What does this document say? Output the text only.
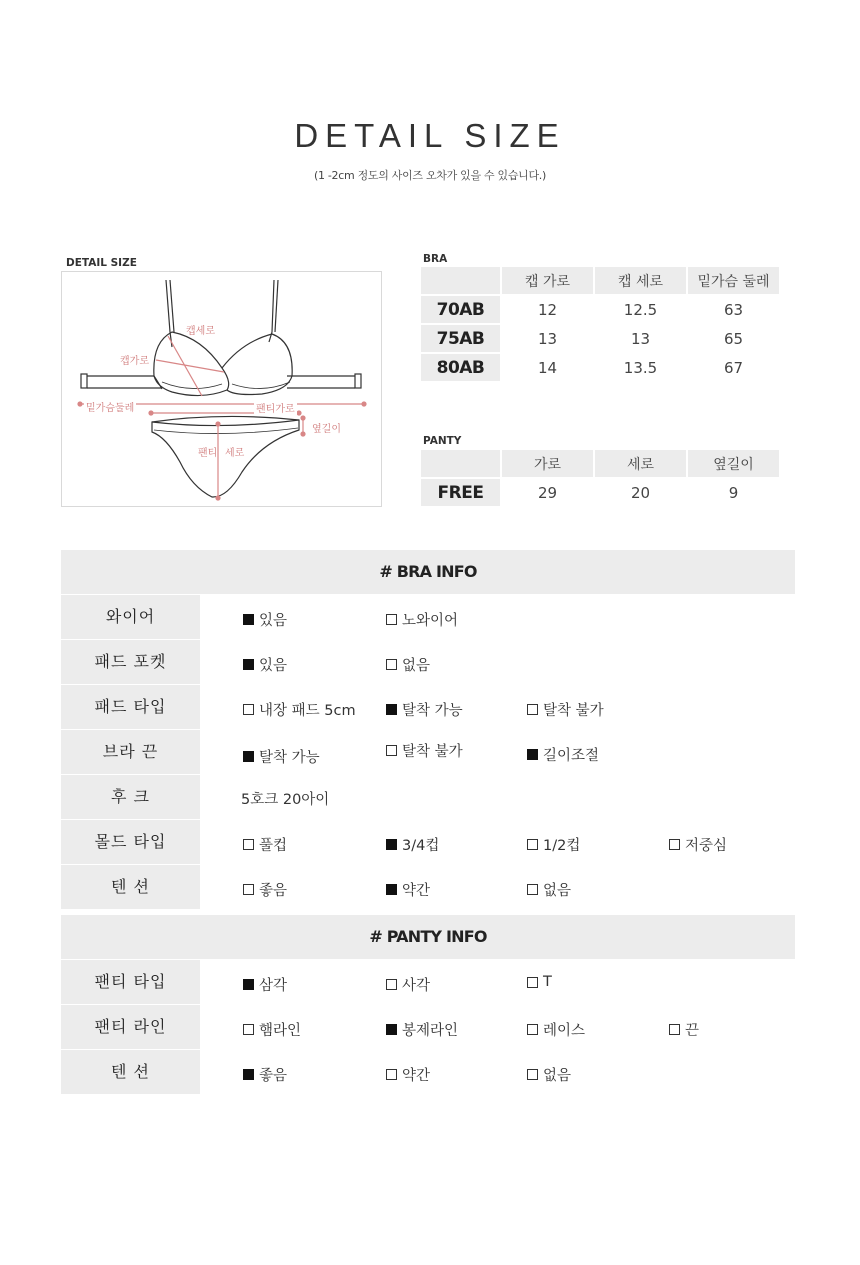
DETAIL SIZE
(1 -2cm 정도의 사이즈 오차가 있을 수 있습니다.)
DETAIL SIZE
캡세로
캡가로
밑가슴둘레	팬티가로
옆길이
팬티 세로
BRA
	캡 가로	캡 세로	밑가슴 둘레
70AB	12	12.5	63
75AB	13	13	65
80AB	14	13.5	67
PANTY
	가로	세로	옆길이
FREE	29	20	9
# BRA INFO
와이어	있음	노와이어
패드 포켓	있음	없음
패드 타입	내장 패드 5cm	탈착 가능	탈착 불가
브라 끈	탈착 가능	탈착 불가	길이조절
후 크	5호크 20아이
몰드 타입	풀컵	3/4컵	1/2컵	저중심
텐 션	좋음	약간	없음
# PANTY INFO
팬티 타입	삼각	사각	T
팬티 라인	햄라인	봉제라인	레이스	끈
텐 션	좋음	약간	없음
